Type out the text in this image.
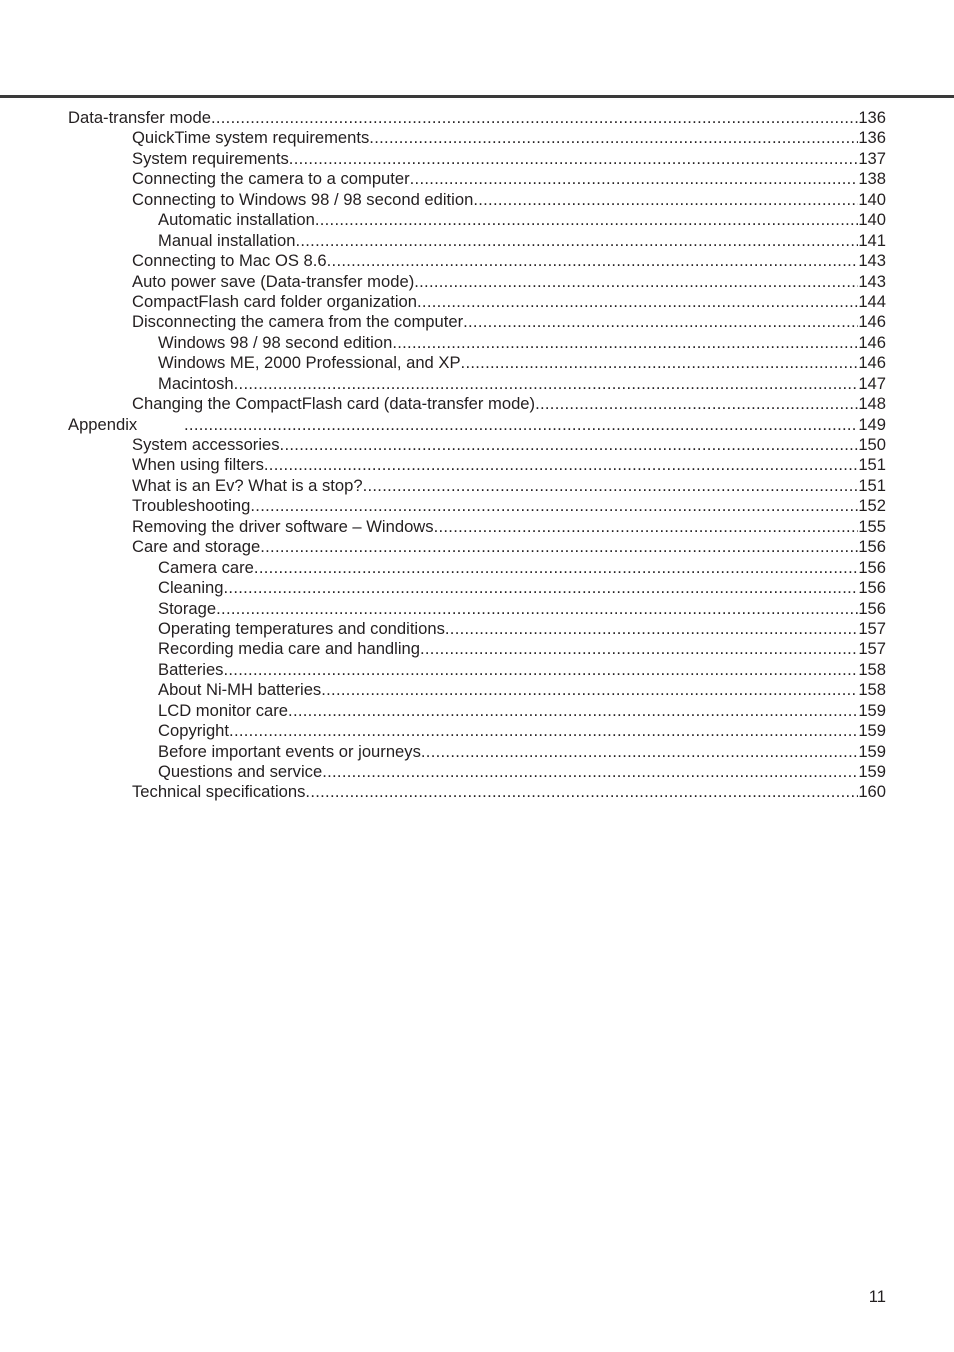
Data-transfer mode .....	136
QuickTime system requirements .....	136
System requirements .....	137
Connecting the camera to a computer .....	138
Connecting to Windows 98 / 98 second edition .....	140
Automatic installation .....	140
Manual installation .....	141
Connecting to Mac OS 8.6 .....	143
Auto power save (Data-transfer mode) .....	143
CompactFlash card folder organization .....	144
Disconnecting the camera from the computer .....	146
Windows 98 / 98 second edition .....	146
Windows ME, 2000 Professional, and XP .....	146
Macintosh .....	147
Changing the CompactFlash card (data-transfer mode) .....	148
Appendix .....	149
System accessories .....	150
When using filters .....	151
What is an Ev? What is a stop? .....	151
Troubleshooting .....	152
Removing the driver software – Windows .....	155
Care and storage .....	156
Camera care .....	156
Cleaning .....	156
Storage .....	156
Operating temperatures and conditions .....	157
Recording media care and handling .....	157
Batteries .....	158
About Ni-MH batteries .....	158
LCD monitor care .....	159
Copyright .....	159
Before important events or journeys .....	159
Questions and service .....	159
Technical specifications .....	160
11
